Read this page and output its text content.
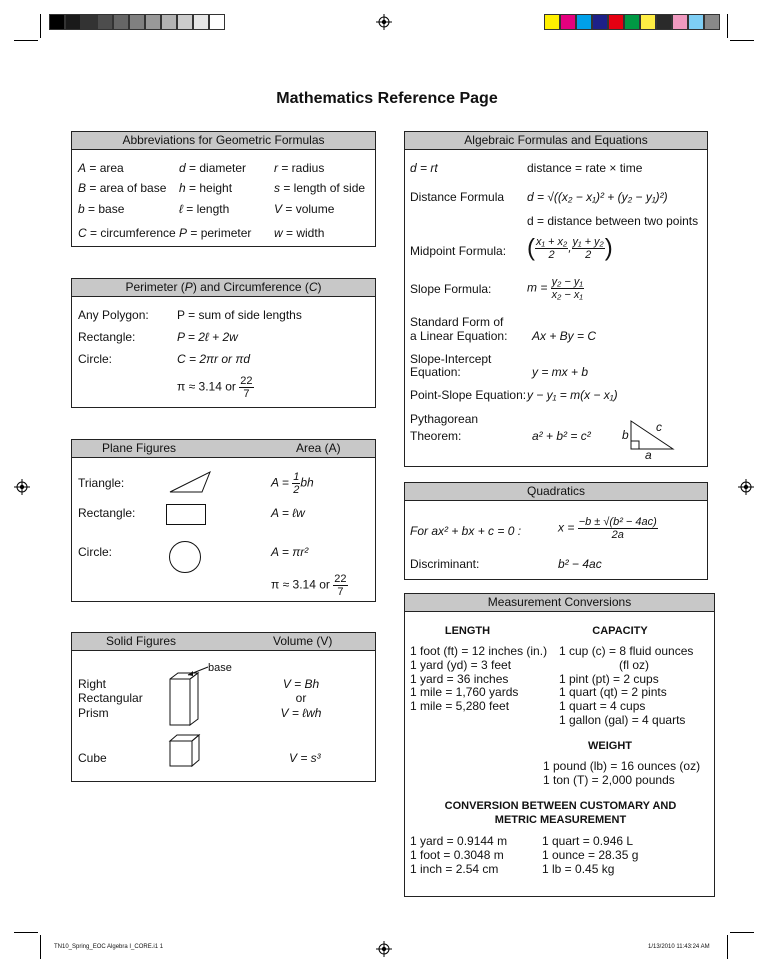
Mathematics Reference Page
Abbreviations for Geometric Formulas
A = area	d = diameter r = radius
B = area of base h = height	s = length of side
b = base	ℓ = length	V = volume
C = circumference P = perimeter w = width
Perimeter (P) and Circumference (C)
Any Polygon: P = sum of side lengths
Rectangle:	P = 2ℓ + 2w
Circle:	C = 2πr or πd
π ≈ 3.14 or $\frac{22}{7}$
Plane Figures	Area (A)
Triangle:	$A = \frac{1}{2}$ bh
Rectangle:	A = ℓw
Circle:	A = πr²
π ≈ 3.14 or $\frac{22}{7}$
Solid Figures	Volume (V)
base
Right
Rectangular
Prism
V = Bh
or
V = ℓwh
Cube	V = s³
Algebraic Formulas and Equations
d = rt	distance = rate × time
Distance Formula d = √((x₂ − x₁)² + (y₂ − y₁)²)
d = distance between two points
Midpoint Formula: ( $\frac{\text{x₁ + x₂}}{2}$ , $\frac{\text{y₁ + y₂}}{2}$ )
Slope Formula:	$m = \frac{\text{y₂ − y₁}}{\text{x₂ − x₁}}$
Standard Form of
a Linear Equation: Ax + By = C
Slope-Intercept
Equation:	y = mx + b
Point-Slope Equation: y − y₁ = m(x − x₁)
Pythagorean
Theorem:	a² + b² = c²	b
c
a
Quadratics
For ax² + bx + c = 0 :	$x = \frac{\text{−b ± √(b² − 4ac)}}{2a}$
Discriminant:	b² − 4ac
Measurement Conversions
LENGTH
1 foot (ft) = 12 inches (in.)
1 yard (yd) = 3 feet
1 yard = 36 inches
1 mile = 1,760 yards
1 mile = 5,280 feet
CAPACITY
1 cup (c) = 8 fluid ounces
(fl oz)
1 pint (pt) = 2 cups
1 quart (qt) = 2 pints
1 quart = 4 cups
1 gallon (gal) = 4 quarts
WEIGHT
1 pound (lb) = 16 ounces (oz)
1 ton (T) = 2,000 pounds
CONVERSION BETWEEN CUSTOMARY AND
METRIC MEASUREMENT
1 yard = 0.9144 m
1 foot = 0.3048 m
1 inch = 2.54 cm
1 quart = 0.946 L
1 ounce = 28.35 g
1 lb = 0.45 kg
TN10_Spring_EOC Algebra I_CORE.i1 1	1/13/2010 11:43:24 AM
